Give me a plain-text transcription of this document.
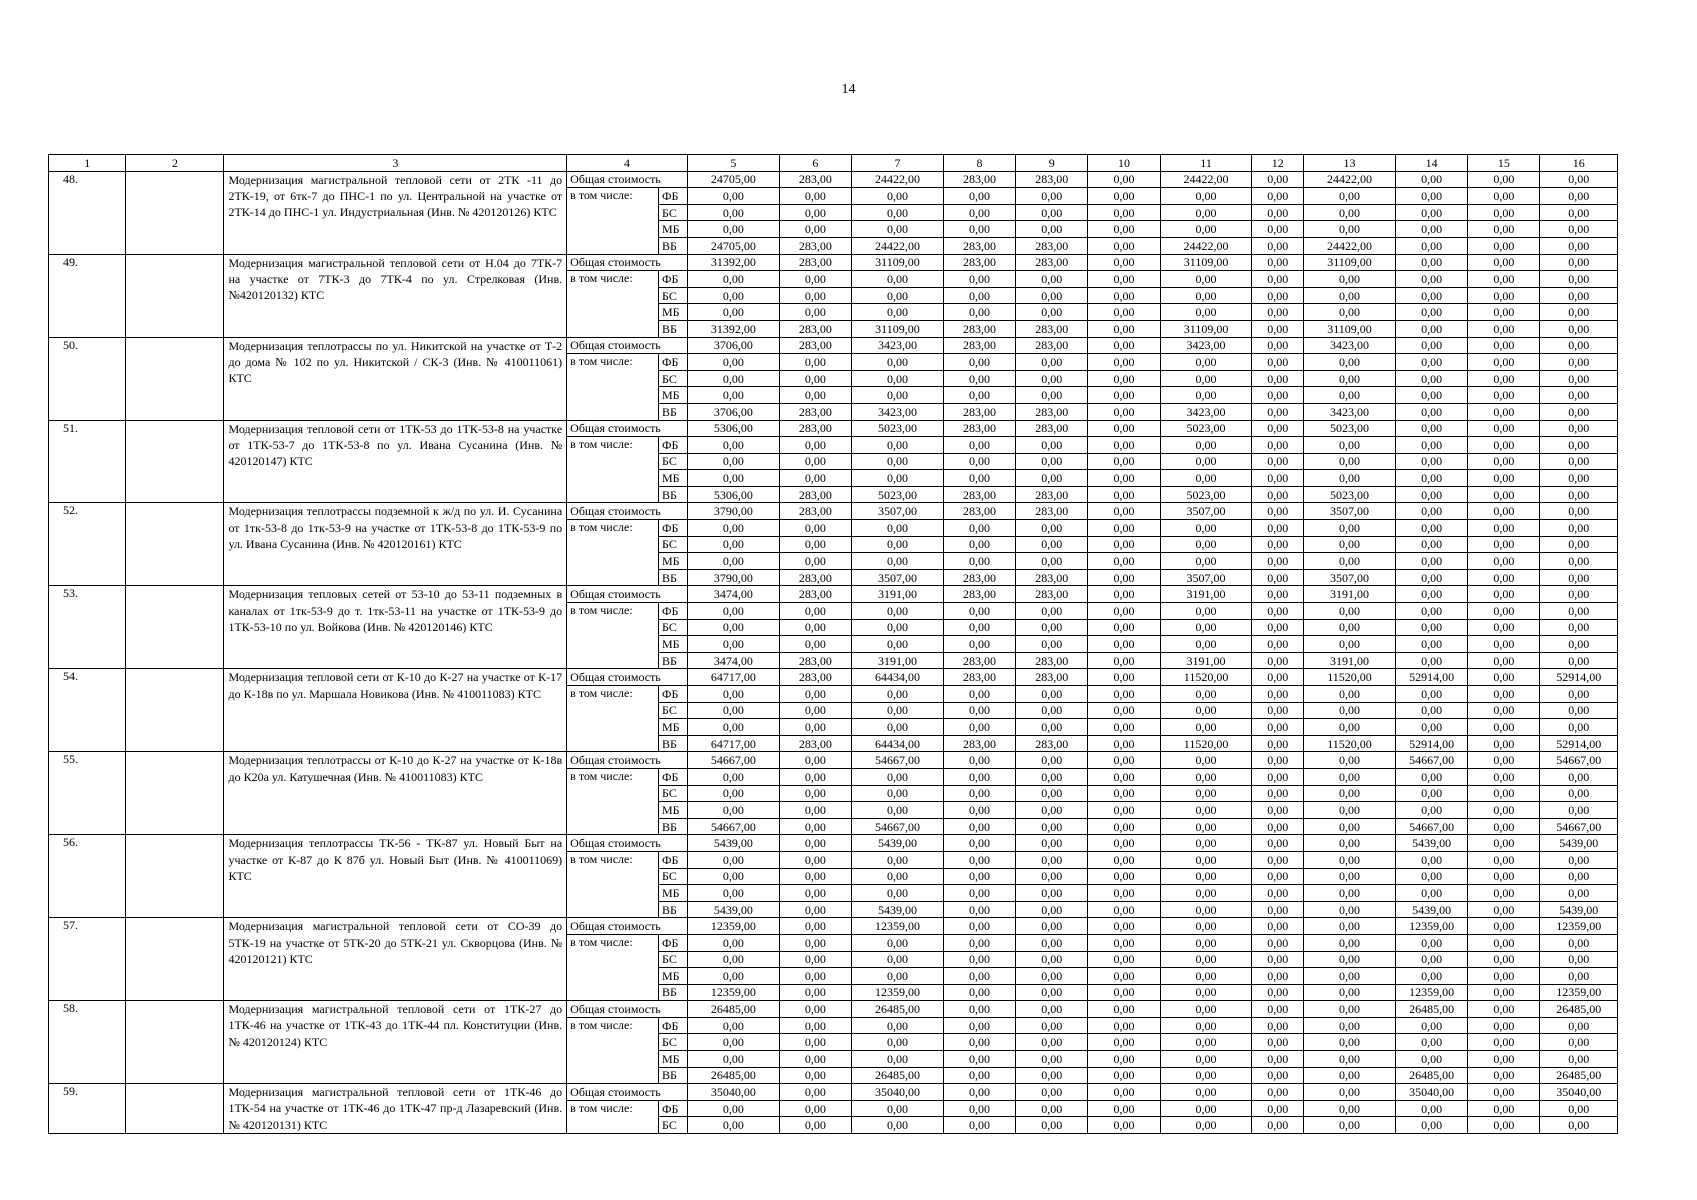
14
1	2	3	4		5	6	7	8	9	10	11	12	13	14	15	16
48.		Модернизация магистральной тепловой сети от 2ТК -11 до 2ТК-19, от 6тк-7 до ПНС-1 по ул. Центральной на участке от 2ТК-14 до ПНС-1 ул. Индустриальная (Инв. № 420120126) КТС	Общая стоимость		24705,00	283,00	24422,00	283,00	283,00	0,00	24422,00	0,00	24422,00	0,00	0,00	0,00
			в том числе:	ФБ	0,00	0,00	0,00	0,00	0,00	0,00	0,00	0,00	0,00	0,00	0,00	0,00
				БС	0,00	0,00	0,00	0,00	0,00	0,00	0,00	0,00	0,00	0,00	0,00	0,00
				МБ	0,00	0,00	0,00	0,00	0,00	0,00	0,00	0,00	0,00	0,00	0,00	0,00
				ВБ	24705,00	283,00	24422,00	283,00	283,00	0,00	24422,00	0,00	24422,00	0,00	0,00	0,00
49.		Модернизация магистральной тепловой сети от Н.04 до 7ТК-7 на участке от 7ТК-3 до 7ТК-4 по ул. Стрелковая (Инв. №420120132) КТС	Общая стоимость		31392,00	283,00	31109,00	283,00	283,00	0,00	31109,00	0,00	31109,00	0,00	0,00	0,00
			в том числе:	ФБ	0,00	0,00	0,00	0,00	0,00	0,00	0,00	0,00	0,00	0,00	0,00	0,00
				БС	0,00	0,00	0,00	0,00	0,00	0,00	0,00	0,00	0,00	0,00	0,00	0,00
				МБ	0,00	0,00	0,00	0,00	0,00	0,00	0,00	0,00	0,00	0,00	0,00	0,00
				ВБ	31392,00	283,00	31109,00	283,00	283,00	0,00	31109,00	0,00	31109,00	0,00	0,00	0,00
50.		Модернизация теплотрассы по ул. Никитской на участке от Т-2 до дома № 102 по ул. Никитской / СК-3 (Инв. № 410011061) КТС	Общая стоимость		3706,00	283,00	3423,00	283,00	283,00	0,00	3423,00	0,00	3423,00	0,00	0,00	0,00
			в том числе:	ФБ	0,00	0,00	0,00	0,00	0,00	0,00	0,00	0,00	0,00	0,00	0,00	0,00
				БС	0,00	0,00	0,00	0,00	0,00	0,00	0,00	0,00	0,00	0,00	0,00	0,00
				МБ	0,00	0,00	0,00	0,00	0,00	0,00	0,00	0,00	0,00	0,00	0,00	0,00
				ВБ	3706,00	283,00	3423,00	283,00	283,00	0,00	3423,00	0,00	3423,00	0,00	0,00	0,00
51.		Модернизация тепловой сети от 1ТК-53 до 1ТК-53-8 на участке от 1ТК-53-7 до 1ТК-53-8 по ул. Ивана Сусанина (Инв. № 420120147) КТС	Общая стоимость		5306,00	283,00	5023,00	283,00	283,00	0,00	5023,00	0,00	5023,00	0,00	0,00	0,00
			в том числе:	ФБ	0,00	0,00	0,00	0,00	0,00	0,00	0,00	0,00	0,00	0,00	0,00	0,00
				БС	0,00	0,00	0,00	0,00	0,00	0,00	0,00	0,00	0,00	0,00	0,00	0,00
				МБ	0,00	0,00	0,00	0,00	0,00	0,00	0,00	0,00	0,00	0,00	0,00	0,00
				ВБ	5306,00	283,00	5023,00	283,00	283,00	0,00	5023,00	0,00	5023,00	0,00	0,00	0,00
52.		Модернизация теплотрассы подземной к ж/д по ул. И. Сусанина от 1тк-53-8 до 1тк-53-9 на участке от 1ТК-53-8 до 1ТК-53-9 по ул. Ивана Сусанина (Инв. № 420120161) КТС	Общая стоимость		3790,00	283,00	3507,00	283,00	283,00	0,00	3507,00	0,00	3507,00	0,00	0,00	0,00
			в том числе:	ФБ	0,00	0,00	0,00	0,00	0,00	0,00	0,00	0,00	0,00	0,00	0,00	0,00
				БС	0,00	0,00	0,00	0,00	0,00	0,00	0,00	0,00	0,00	0,00	0,00	0,00
				МБ	0,00	0,00	0,00	0,00	0,00	0,00	0,00	0,00	0,00	0,00	0,00	0,00
				ВБ	3790,00	283,00	3507,00	283,00	283,00	0,00	3507,00	0,00	3507,00	0,00	0,00	0,00
53.		Модернизация тепловых сетей от 53-10 до 53-11 подземных в каналах от 1тк-53-9 до т. 1тк-53-11 на участке от 1ТК-53-9 до 1ТК-53-10 по ул. Войкова (Инв. № 420120146) КТС	Общая стоимость		3474,00	283,00	3191,00	283,00	283,00	0,00	3191,00	0,00	3191,00	0,00	0,00	0,00
			в том числе:	ФБ	0,00	0,00	0,00	0,00	0,00	0,00	0,00	0,00	0,00	0,00	0,00	0,00
				БС	0,00	0,00	0,00	0,00	0,00	0,00	0,00	0,00	0,00	0,00	0,00	0,00
				МБ	0,00	0,00	0,00	0,00	0,00	0,00	0,00	0,00	0,00	0,00	0,00	0,00
				ВБ	3474,00	283,00	3191,00	283,00	283,00	0,00	3191,00	0,00	3191,00	0,00	0,00	0,00
54.		Модернизация тепловой сети от К-10 до К-27 на участке от К-17 до К-18в по ул. Маршала Новикова (Инв. № 410011083) КТС	Общая стоимость		64717,00	283,00	64434,00	283,00	283,00	0,00	11520,00	0,00	11520,00	52914,00	0,00	52914,00
			в том числе:	ФБ	0,00	0,00	0,00	0,00	0,00	0,00	0,00	0,00	0,00	0,00	0,00	0,00
				БС	0,00	0,00	0,00	0,00	0,00	0,00	0,00	0,00	0,00	0,00	0,00	0,00
				МБ	0,00	0,00	0,00	0,00	0,00	0,00	0,00	0,00	0,00	0,00	0,00	0,00
				ВБ	64717,00	283,00	64434,00	283,00	283,00	0,00	11520,00	0,00	11520,00	52914,00	0,00	52914,00
55.		Модернизация теплотрассы от К-10 до К-27 на участке от К-18в до К20а ул. Катушечная (Инв. № 410011083) КТС	Общая стоимость		54667,00	0,00	54667,00	0,00	0,00	0,00	0,00	0,00	0,00	54667,00	0,00	54667,00
			в том числе:	ФБ	0,00	0,00	0,00	0,00	0,00	0,00	0,00	0,00	0,00	0,00	0,00	0,00
				БС	0,00	0,00	0,00	0,00	0,00	0,00	0,00	0,00	0,00	0,00	0,00	0,00
				МБ	0,00	0,00	0,00	0,00	0,00	0,00	0,00	0,00	0,00	0,00	0,00	0,00
				ВБ	54667,00	0,00	54667,00	0,00	0,00	0,00	0,00	0,00	0,00	54667,00	0,00	54667,00
56.		Модернизация теплотрассы ТК-56 - ТК-87 ул. Новый Быт на участке от К-87 до К 87б ул. Новый Быт (Инв. № 410011069) КТС	Общая стоимость		5439,00	0,00	5439,00	0,00	0,00	0,00	0,00	0,00	0,00	5439,00	0,00	5439,00
			в том числе:	ФБ	0,00	0,00	0,00	0,00	0,00	0,00	0,00	0,00	0,00	0,00	0,00	0,00
				БС	0,00	0,00	0,00	0,00	0,00	0,00	0,00	0,00	0,00	0,00	0,00	0,00
				МБ	0,00	0,00	0,00	0,00	0,00	0,00	0,00	0,00	0,00	0,00	0,00	0,00
				ВБ	5439,00	0,00	5439,00	0,00	0,00	0,00	0,00	0,00	0,00	5439,00	0,00	5439,00
57.		Модернизация магистральной тепловой сети от СО-39 до 5ТК-19 на участке от 5ТК-20 до 5ТК-21 ул. Скворцова (Инв. № 420120121) КТС	Общая стоимость		12359,00	0,00	12359,00	0,00	0,00	0,00	0,00	0,00	0,00	12359,00	0,00	12359,00
			в том числе:	ФБ	0,00	0,00	0,00	0,00	0,00	0,00	0,00	0,00	0,00	0,00	0,00	0,00
				БС	0,00	0,00	0,00	0,00	0,00	0,00	0,00	0,00	0,00	0,00	0,00	0,00
				МБ	0,00	0,00	0,00	0,00	0,00	0,00	0,00	0,00	0,00	0,00	0,00	0,00
				ВБ	12359,00	0,00	12359,00	0,00	0,00	0,00	0,00	0,00	0,00	12359,00	0,00	12359,00
58.		Модернизация магистральной тепловой сети от 1ТК-27 до 1ТК-46 на участке от 1ТК-43 до 1ТК-44 пл. Конституции (Инв. № 420120124) КТС	Общая стоимость		26485,00	0,00	26485,00	0,00	0,00	0,00	0,00	0,00	0,00	26485,00	0,00	26485,00
			в том числе:	ФБ	0,00	0,00	0,00	0,00	0,00	0,00	0,00	0,00	0,00	0,00	0,00	0,00
				БС	0,00	0,00	0,00	0,00	0,00	0,00	0,00	0,00	0,00	0,00	0,00	0,00
				МБ	0,00	0,00	0,00	0,00	0,00	0,00	0,00	0,00	0,00	0,00	0,00	0,00
				ВБ	26485,00	0,00	26485,00	0,00	0,00	0,00	0,00	0,00	0,00	26485,00	0,00	26485,00
59.		Модернизация магистральной тепловой сети от 1ТК-46 до 1ТК-54 на участке от 1ТК-46 до 1ТК-47 пр-д Лазаревский (Инв. № 420120131) КТС	Общая стоимость		35040,00	0,00	35040,00	0,00	0,00	0,00	0,00	0,00	0,00	35040,00	0,00	35040,00
			в том числе:	ФБ	0,00	0,00	0,00	0,00	0,00	0,00	0,00	0,00	0,00	0,00	0,00	0,00
				БС	0,00	0,00	0,00	0,00	0,00	0,00	0,00	0,00	0,00	0,00	0,00	0,00
